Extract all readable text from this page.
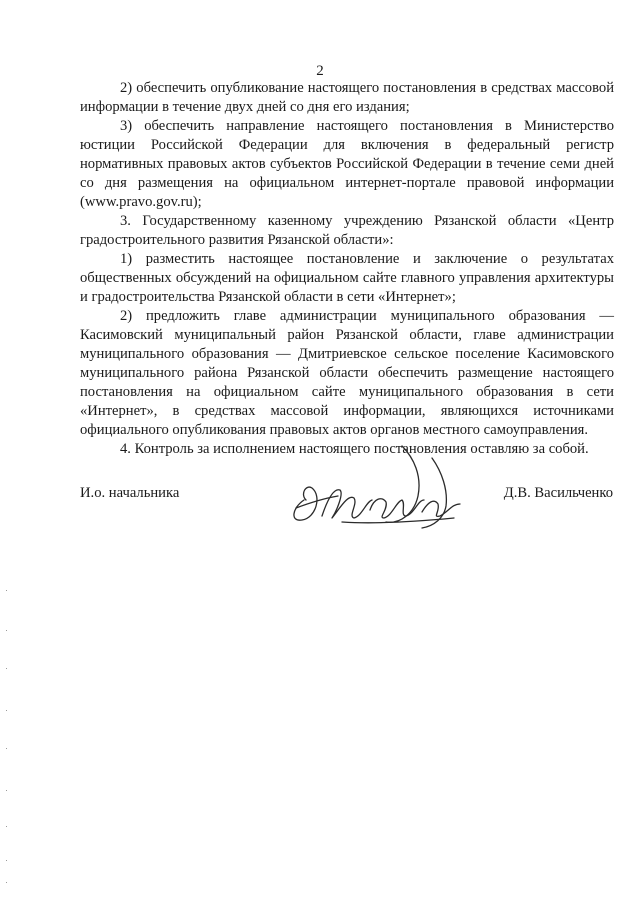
2

2) обеспечить опубликование настоящего постановления в средствах массовой информации в течение двух дней со дня его издания;

3) обеспечить направление настоящего постановления в Министерство юстиции Российской Федерации для включения в федеральный регистр нормативных правовых актов субъектов Российской Федерации в течение семи дней со дня размещения на официальном интернет-портале правовой информации (www.pravo.gov.ru);

3. Государственному казенному учреждению Рязанской области «Центр градостроительного развития Рязанской области»:

1) разместить настоящее постановление и заключение о результатах общественных обсуждений на официальном сайте главного управления архитектуры и градостроительства Рязанской области в сети «Интернет»;

2) предложить главе администрации муниципального образования — Касимовский муниципальный район Рязанской области, главе администрации муниципального образования — Дмитриевское сельское поселение Касимовского муниципального района Рязанской области обеспечить размещение настоящего постановления на официальном сайте муниципального образования в сети «Интернет», в средствах массовой информации, являющихся источниками официального опубликования правовых актов органов местного самоуправления.

4. Контроль за исполнением настоящего постановления оставляю за собой.

И.о. начальника	Д.В. Васильченко
